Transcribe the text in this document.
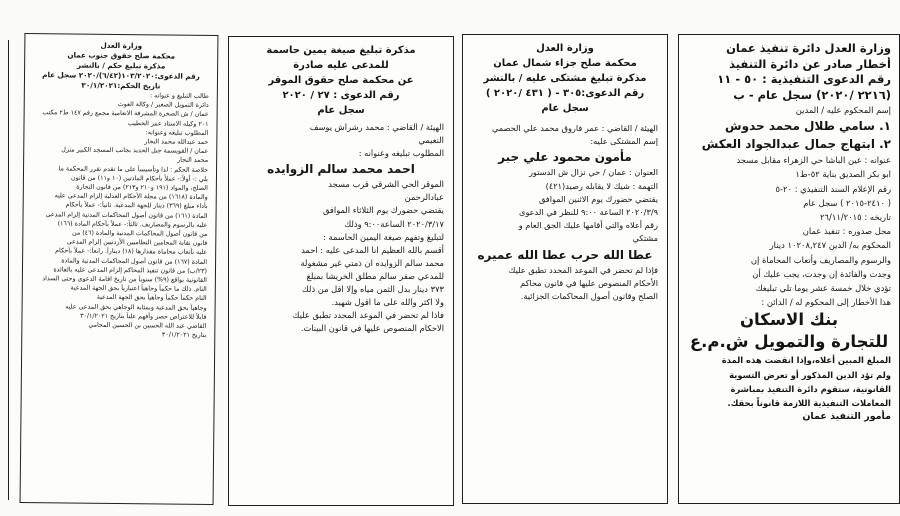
وزارة العدل
محكمة صلح حقوق جنوب عمان
مذكرة تبليغ حكم / بالنشر
رقم الدعوى:١٠٣/٢٠٢٠(٦/٤٢)/٢٠٢٠ سجل عام
تاريخ الحكم:٣٠/١/٢٠٢١
طالب التبليغ و عنوانه :
دائرة التمويل الصغير / وكالة الغوث
عمان / ش الصخرة المشرفة الانعامية مجمع رقم ١٤٧ ط٢ مكتب
٢٠١ وكيله الاستاذ عمر الخطيب
المطلوب تبليغه وعنوانه:
حمد عبدالله محمد النجار
عمان / القويسمة جبل الحديد بجانب المسجد الكبير منزل
محمد النجار
خلاصة الحكم : لذا وتأسيساً على ما تقدم نقرر المحكمة ما
يلي :- أولاً:- عملاً بأحكام المادتين (١٠ و١١) من قانون
الصلح، والمواد (١٩١ و٢١٠ و٢١٣) من قانون التجارة
والمادة (١٦١٨) من مجلة الأحكام العدلية إلزام المدعى عليه
بأداء مبلغ (٣٦٩) دينار للجهة المدعية. ثانياً:- عملاً بأحكام
المادة (١٦١) من قانون أصول المحاكمات المدنية إلزام المدعى
عليه بالرسوم والمصاريف. ثالثاً:- عملاً بأحكام المادة (١٦٦)
من قانون أصول المحاكمات المدنية والمادة (٤٦) من
قانون نقابة المحامين النظاميين الأردنيين إلزام المدعى
عليه بأتعاب محاماة مقدارها (١٨) ديناراً. رابعاً:- عملاً بأحكام
المادة (١٦٧) من قانون أصول المحاكمات المدنية والمادة
(٢٣/ب) من قانون تنفيذ المحاكم إلزام المدعى عليه بالفائدة
القانونية بواقع (٩%) سنوياً من تاريخ اقامة الدعوى وحتى السداد
التام. ذلك ما حكماً وجاهياً اعتبارياً بحق الجهة المدعية
التام حكماً حكماً وجاهياً بحق الجهة المدعية
وجاهياً بحق المدعية وبمثابة الوجاهي بحق المدعى عليه
قابلاً للاعتراض حصر وأفهم علناً بتاريخ ٣٠/١/٢٠٢١
القاضي عبد الله الحسين بن الحسين المحامي
بتاريخ ٣٠/١/٢٠٢١
مذكرة تبليغ صيغة يمين حاسمة
للمدعى عليه صادرة
عن محكمة صلح حقوق الموقر
رقم الدعوى : ٢٧ / ٢٠٢٠
سجل عام
الهيئة / القاضي : محمد رشراش يوسف
النعيمي
المطلوب تبليغه وعنوانه :
احمد محمد سالم الزوايده
الموقر الحي الشرقي قرب مسجد
عبادالرحمن
يقتضي حضورك يوم الثلاثاء الموافق
٢٠٢٠/٣/١٧ الساعة٩:٠٠ وذلك
لتبليغ وتفهم صيغة اليمين الحاسمة :
أقسم بالله العظيم انا المدعى عليه : احمد
محمد سالم الزوايده ان ذمتي غير مشغولة
للمدعي صقر سالم مطلق الخريشا بمبلغ
٣٧٣ دينار بدل الثمن مياه وإلا اقل من ذلك
ولا اكثر والله على ما اقول شهيد.
فاذا لم تحضر في الموعد المحدد تطبق عليك
الاحكام المنصوص عليها في قانون البينات.
وزارة العدل
محكمة صلح جزاء شمال عمان
مذكرة تبليغ مشتكى عليه / بالنشر
رقم الدعوى:٣٠٥ - ( ٤٣١ /٢٠٢٠ )
سجل عام
الهيئة / القاضي : عمر فاروق محمد علي الحصمي
إسم المشتكى عليه:
مأمون محمود علي جبر
العنوان : عمان / حي نزال ش الدستور
التهمة : شيك لا يقابله رصيد(٤٢١)
يقتضي حضورك يوم الاثنين الموافق
٢٠٢٠/٣/٩ الساعة ٩:٠٠ للنظر في الدعوى
رقم أعلاه والتي أقامها عليك الحق العام و
مشتكي
عطا الله حرب عطا الله عميره
فإذا لم تحضر في الموعد المحدد تطبق عليك
الأحكام المنصوص عليها في قانون محاكم
الصلح وقانون أصول المحاكمات الجزائية.
وزارة العدل دائرة تنفيذ عمان
أخطار صادر عن دائرة التنفيذ
رقم الدعوى التنفيذية : ٥٠ - ١١
(٢٢١٦ /٢٠٢٠) سجل عام - ب
إسم المحكوم عليه / المدين
١. سامي طلال محمد حدوش
٢. ابتهاج جمال عبدالجواد العكش
عنوانه : عين الباشا حي الزهراء مقابل مسجد
ابو بكر الصديق بناية ٥٢-ط١
رقم الإعلام السند التنفيذي : ٢٠-٥
( ٢٤١٠-٢٠١٥ ) سجل عام
تاريخه : ٢٦/١١/٢٠١٥
محل صدوره : تنفيذ عمان
المحكوم به/ الدين ١٠٢٠٨,٢٤٧ دينار
والرسوم والمصاريف وأتعاب المحاماة إن
وجدت والفائدة إن وجدت، يجب عليك أن
تؤدي خلال خمسة عشر يوما تلي تبليغك
هذا الأخطار إلى المحكوم له / الدائن :
بنك الاسكان
للتجارة والتمويل ش.م.ع
المبلغ المبين أعلاه،وإذا انقضت هذه المدة
ولم تؤد الدين المذكور أو تعرض التسوية
القانونية، ستقوم دائرة التنفيذ بمباشرة
المعاملات التنفيذية اللازمة قانوناً بحقك.
مأمور التنفيذ عمان
